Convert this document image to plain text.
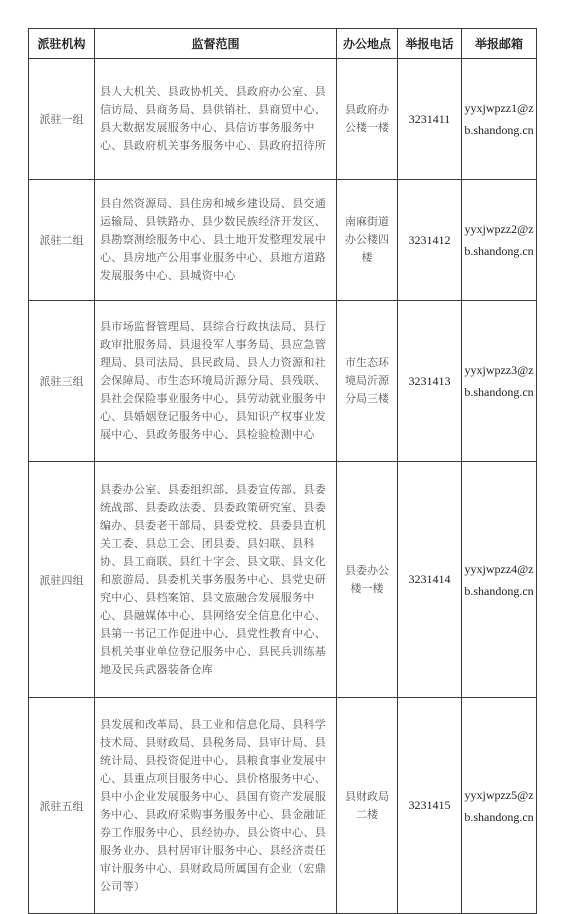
派驻机构	监督范围	办公地点	举报电话	举报邮箱
派驻一组	县人大机关、县政协机关、县政府办公室、县信访局、县商务局、县供销社、县商贸中心、县大数据发展服务中心、县信访事务服务中心、县政府机关事务服务中心、县政府招待所	县政府办公楼一楼	3231411	yyxjwpzz1@zb.shandong.cn
派驻二组	县自然资源局、县住房和城乡建设局、县交通运输局、县铁路办、县少数民族经济开发区、县勘察测绘服务中心、县土地开发整理发展中心、县房地产公用事业服务中心、县地方道路发展服务中心、县城资中心	南麻街道办公楼四楼	3231412	yyxjwpzz2@zb.shandong.cn
派驻三组	县市场监督管理局、县综合行政执法局、县行政审批服务局、县退役军人事务局、县应急管理局、县司法局、县民政局、县人力资源和社会保障局、市生态环境局沂源分局、县残联、县社会保险事业服务中心、县劳动就业服务中心、县婚姻登记服务中心、县知识产权事业发展中心、县政务服务中心、县检验检测中心	市生态环境局沂源分局三楼	3231413	yyxjwpzz3@zb.shandong.cn
派驻四组	县委办公室、县委组织部、县委宣传部、县委统战部、县委政法委、县委政策研究室、县委编办、县委老干部局、县委党校、县委县直机关工委、县总工会、团县委、县妇联、县科协、县工商联、县红十字会、县文联、县文化和旅游局、县委机关事务服务中心、县党史研究中心、县档案馆、县文旅融合发展服务中心、县融媒体中心、县网络安全信息化中心、县第一书记工作促进中心、县党性教育中心、县机关事业单位登记服务中心、县民兵训练基地及民兵武器装备仓库	县委办公楼一楼	3231414	yyxjwpzz4@zb.shandong.cn
派驻五组	县发展和改革局、县工业和信息化局、县科学技术局、县财政局、县税务局、县审计局、县统计局、县投资促进中心、县粮食事业发展中心、县重点项目服务中心、县价格服务中心、县中小企业发展服务中心、县国有资产发展服务中心、县政府采购事务服务中心、县金融证券工作服务中心、县经协办、县公资中心、县服务业办、县村居审计服务中心、县经济责任审计服务中心、县财政局所属国有企业（宏鼎公司等）	县财政局二楼	3231415	yyxjwpzz5@zb.shandong.cn
